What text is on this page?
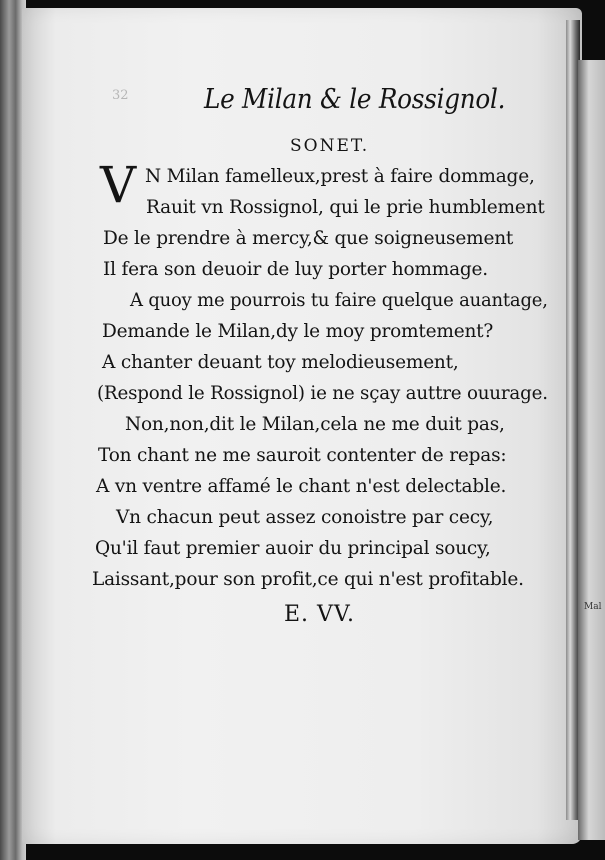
Mal
32	Le Milan & le Rossignol.
SONET.
V N Milan famelleux,prest à faire dommage,
Rauit vn Rossignol, qui le prie humblement
De le prendre à mercy,& que soigneusement
Il fera son deuoir de luy porter hommage.
A quoy me pourrois tu faire quelque auantage,
Demande le Milan,dy le moy promtement?
A chanter deuant toy melodieusement,
(Respond le Rossignol) ie ne sçay auttre ouurage.
Non,non,dit le Milan,cela ne me duit pas,
Ton chant ne me sauroit contenter de repas:
A vn ventre affamé le chant n'est delectable.
Vn chacun peut assez conoistre par cecy,
Qu'il faut premier auoir du principal soucy,
Laissant,pour son profit,ce qui n'est profitable.
E. VV.
